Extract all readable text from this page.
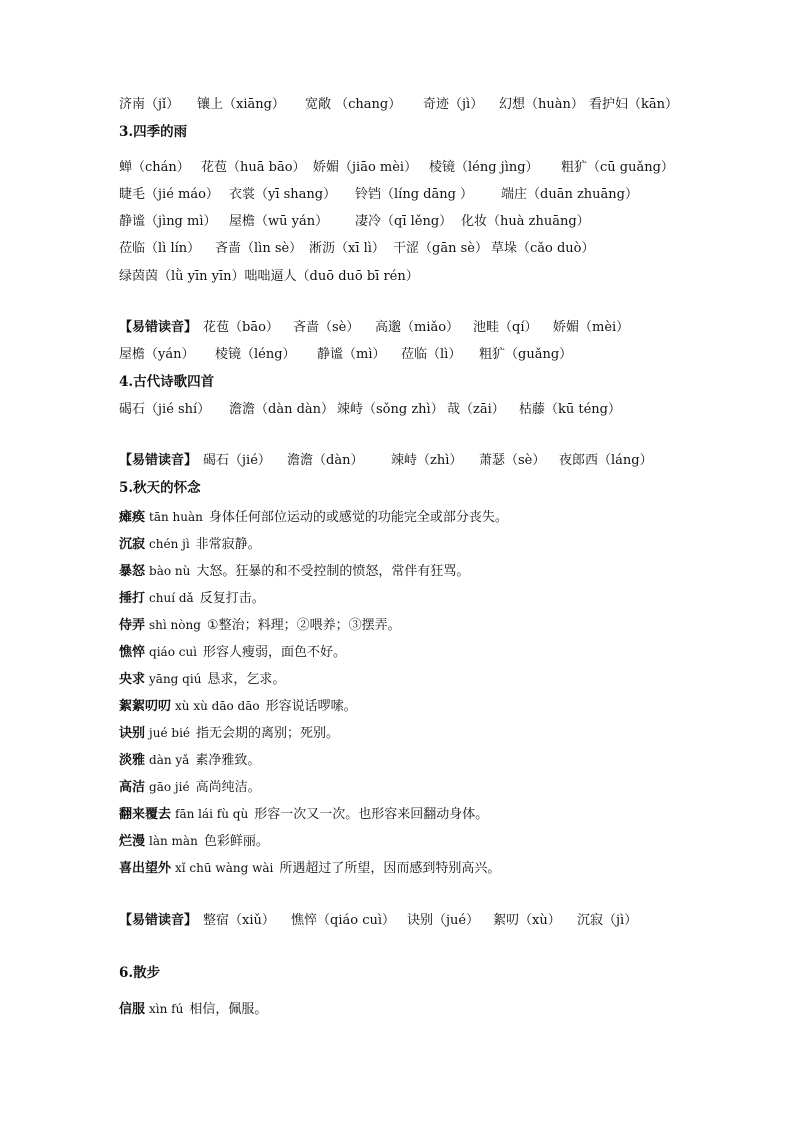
济南（jǐ） 镶上（xiāng） 宽敞 （chang） 奇迹（jì） 幻想（huàn） 看护妇（kān）
3.四季的雨
蝉（chán） 花苞（huā bāo） 娇媚（jiāo mèi） 棱镜（léng jìng） 粗犷（cū guǎng）
睫毛（jié máo） 衣裳（yī shang） 铃铛（líng dāng ） 端庄（duān zhuāng）
静谧（jìng mì） 屋檐（wū yán） 凄冷（qī lěng） 化妆（huà zhuāng）
莅临（lì lín） 吝啬（lìn sè） 淅沥（xī lì） 干涩（gān sè） 草垛（cǎo duò）
绿茵茵（lǜ yīn yīn）咄咄逼人（duō duō bī rén）
【易错读音】 花苞（bāo） 吝啬（sè） 高邈（miǎo） 池畦（qí） 娇媚（mèi）
屋檐（yán） 棱镜（léng） 静谧（mì） 莅临（lì） 粗犷（guǎng）
4.古代诗歌四首
碣石（jié shí） 澹澹（dàn dàn） 竦峙（sǒng zhì） 哉（zāi） 枯藤（kū téng）
【易错读音】 碣石（jié） 澹澹（dàn） 竦峙（zhì） 萧瑟（sè） 夜郎西（láng）
5.秋天的怀念
瘫痪 tān huàn 身体任何部位运动的或感觉的功能完全或部分丧失。
沉寂 chén jì 非常寂静。
暴怒 bào nù 大怒。狂暴的和不受控制的愤怒，常伴有狂骂。
捶打 chuí dǎ 反复打击。
侍弄 shì nòng ①整治；料理；②喂养；③摆弄。
憔悴 qiáo cuì 形容人瘦弱，面色不好。
央求 yāng qiú 恳求，乞求。
絮絮叨叨 xù xù dāo dāo 形容说话啰嗦。
诀别 jué bié 指无会期的离别；死别。
淡雅 dàn yǎ 素净雅致。
高洁 gāo jié 高尚纯洁。
翻来覆去 fān lái fù qù 形容一次又一次。也形容来回翻动身体。
烂漫 làn màn 色彩鲜丽。
喜出望外 xǐ chū wàng wài 所遇超过了所望，因而感到特别高兴。
【易错读音】 整宿（xiǔ） 憔悴（qiáo cuì） 诀别（jué） 絮叨（xù） 沉寂（jì）
6.散步
信服 xìn fú 相信，佩服。
